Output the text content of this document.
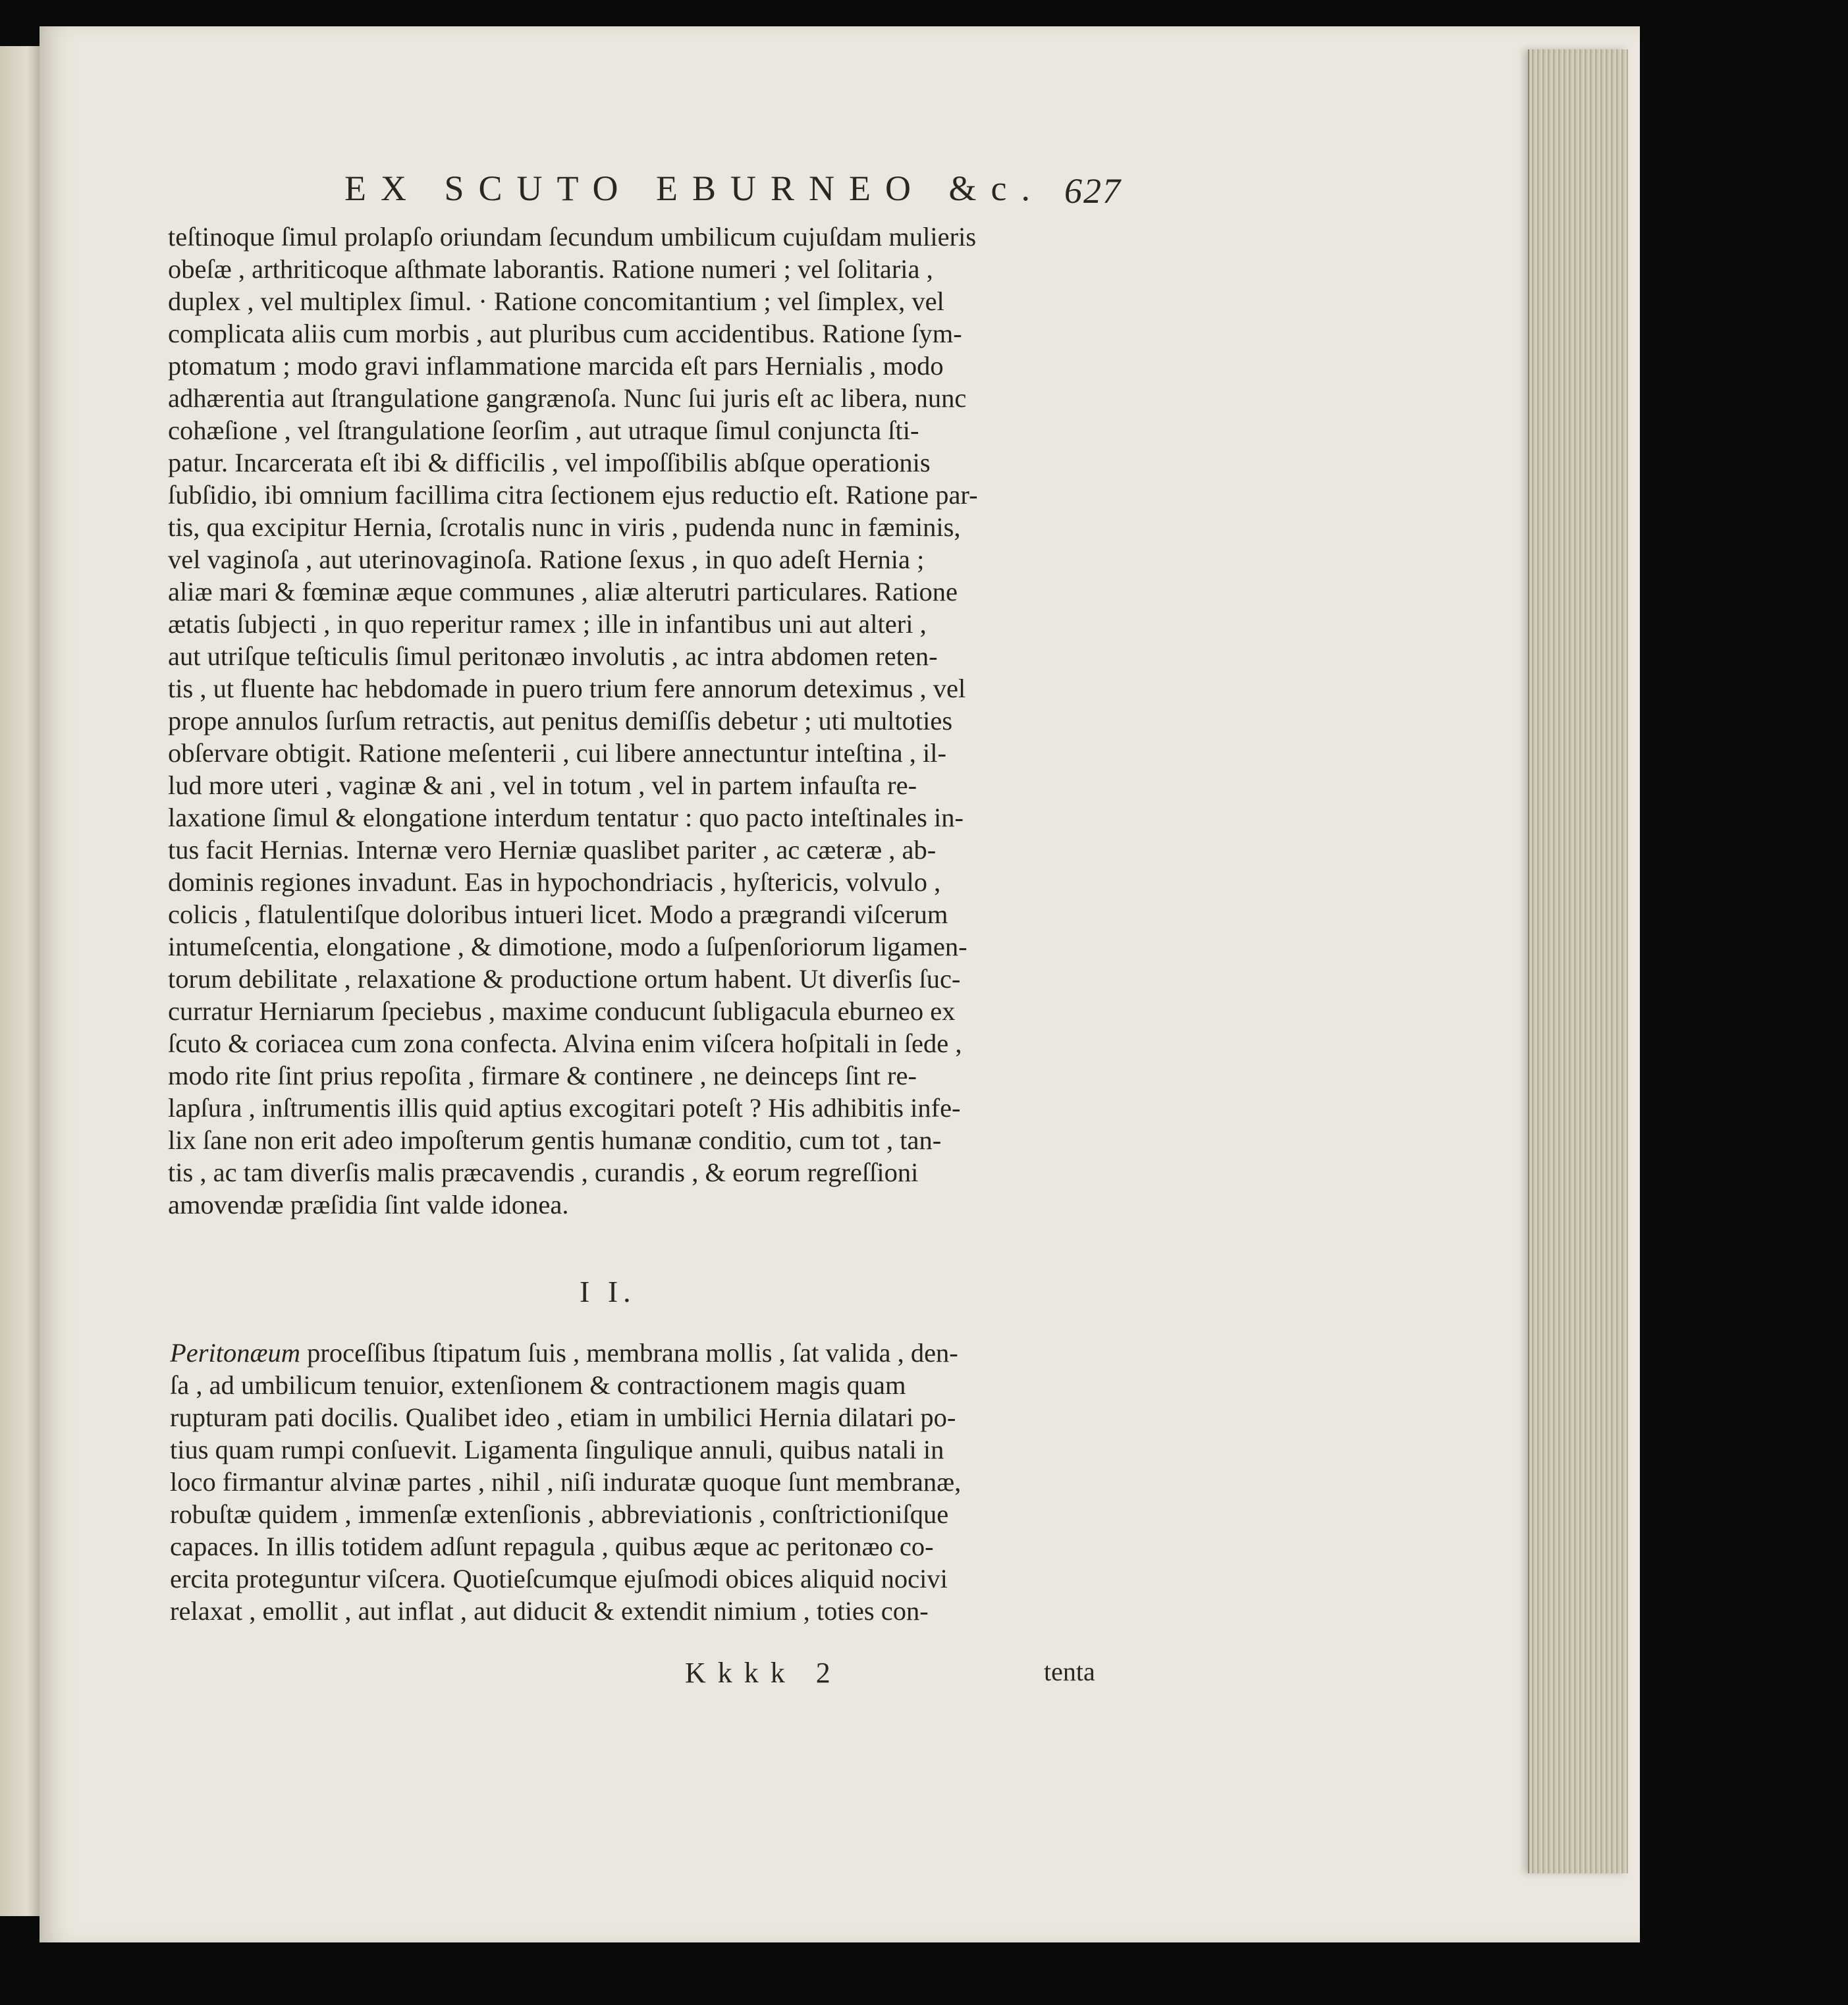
EX SCUTO EBURNEO &c. 627
teſtinoque ſimul prolapſo oriundam ſecundum umbilicum cujuſdam mulieris
obeſæ , arthriticoque aſthmate laborantis. Ratione numeri ; vel ſolitaria ,
duplex , vel multiplex ſimul. · Ratione concomitantium ; vel ſimplex, vel
complicata aliis cum morbis , aut pluribus cum accidentibus. Ratione ſym-
ptomatum ; modo gravi inflammatione marcida eſt pars Hernialis , modo
adhærentia aut ſtrangulatione gangrænoſa. Nunc ſui juris eſt ac libera, nunc
cohæſione , vel ſtrangulatione ſeorſim , aut utraque ſimul conjuncta ſti-
patur. Incarcerata eſt ibi & difficilis , vel impoſſibilis abſque operationis
ſubſidio, ibi omnium facillima citra ſectionem ejus reductio eſt. Ratione par-
tis, qua excipitur Hernia, ſcrotalis nunc in viris , pudenda nunc in fæminis,
vel vaginoſa , aut uterinovaginoſa. Ratione ſexus , in quo adeſt Hernia ;
aliæ mari & fœminæ æque communes , aliæ alterutri particulares. Ratione
ætatis ſubjecti , in quo reperitur ramex ; ille in infantibus uni aut alteri ,
aut utriſque teſticulis ſimul peritonæo involutis , ac intra abdomen reten-
tis , ut fluente hac hebdomade in puero trium fere annorum deteximus , vel
prope annulos ſurſum retractis, aut penitus demiſſis debetur ; uti multoties
obſervare obtigit. Ratione meſenterii , cui libere annectuntur inteſtina , il-
lud more uteri , vaginæ & ani , vel in totum , vel in partem infauſta re-
laxatione ſimul & elongatione interdum tentatur : quo pacto inteſtinales in-
tus facit Hernias. Internæ vero Herniæ quaslibet pariter , ac cæteræ , ab-
dominis regiones invadunt. Eas in hypochondriacis , hyſtericis, volvulo ,
colicis , flatulentiſque doloribus intueri licet. Modo a prægrandi viſcerum
intumeſcentia, elongatione , & dimotione, modo a ſuſpenſoriorum ligamen-
torum debilitate , relaxatione & productione ortum habent. Ut diverſis ſuc-
curratur Herniarum ſpeciebus , maxime conducunt ſubligacula eburneo ex
ſcuto & coriacea cum zona confecta. Alvina enim viſcera hoſpitali in ſede ,
modo rite ſint prius repoſita , firmare & continere , ne deinceps ſint re-
lapſura , inſtrumentis illis quid aptius excogitari poteſt ? His adhibitis infe-
lix ſane non erit adeo impoſterum gentis humanæ conditio, cum tot , tan-
tis , ac tam diverſis malis præcavendis , curandis , & eorum regreſſioni
amovendæ præſidia ſint valde idonea.
I I.
Peritonæum proceſſibus ſtipatum ſuis , membrana mollis , ſat valida , den-
ſa , ad umbilicum tenuior, extenſionem & contractionem magis quam
rupturam pati docilis. Qualibet ideo , etiam in umbilici Hernia dilatari po-
tius quam rumpi conſuevit. Ligamenta ſingulique annuli, quibus natali in
loco firmantur alvinæ partes , nihil , niſi induratæ quoque ſunt membranæ,
robuſtæ quidem , immenſæ extenſionis , abbreviationis , conſtrictioniſque
capaces. In illis totidem adſunt repagula , quibus æque ac peritonæo co-
ercita proteguntur viſcera. Quotieſcumque ejuſmodi obices aliquid nocivi
relaxat , emollit , aut inflat , aut diducit & extendit nimium , toties con-
Kkkk 2	tenta
